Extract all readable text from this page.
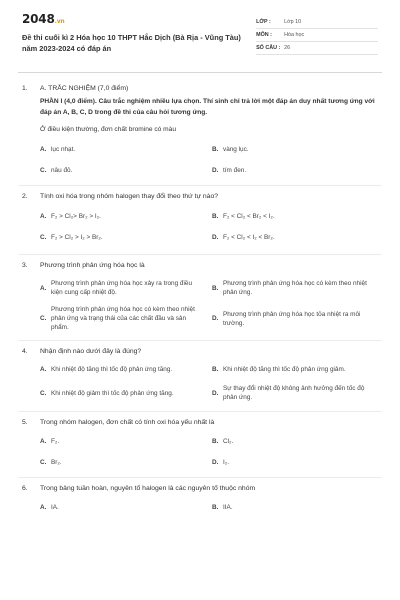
2048.vn
Đề thi cuối kì 2 Hóa học 10 THPT Hắc Dịch (Bà Rịa - Vũng Tàu) năm 2023-2024 có đáp án
LỚP :	Lớp 10
MÔN :	Hóa học
SỐ CÂU : 26
1.	A. TRẮC NGHIỆM (7,0 điểm)
PHẦN I (4,0 điểm). Câu trắc nghiệm nhiều lựa chọn. Thí sinh chỉ trả lời một đáp án duy nhất tương ứng với đáp án A, B, C, D trong đề thi của câu hỏi tương ứng.
Ở điều kiện thường, đơn chất bromine có màu
A. lục nhạt.	B. vàng lục.
C. nâu đỏ.	D. tím đen.
2.	Tính oxi hóa trong nhóm halogen thay đổi theo thứ tự nào?
A. F₂ > Cl₂> Br₂ > I₂.	B. F₂ < Cl₂ < Br₂ < I₂.
C. F₂ > Cl₂ > I₂ > Br₂.	D. F₂ < Cl₂ < I₂ < Br₂.
3.	Phương trình phản ứng hóa học là
A.
Phương trình phản ứng hóa học xảy ra trong điều kiện cung cấp nhiệt độ.
B.
Phương trình phản ứng hóa học có kèm theo nhiệt phản ứng.
C.
Phương trình phản ứng hóa học có kèm theo nhiệt phản ứng và trạng thái của các chất đầu và sản phẩm.
D.
Phương trình phản ứng hóa học tỏa nhiệt ra môi trường.
4.	Nhận định nào dưới đây là đúng?
A. Khi nhiệt độ tăng thì tốc độ phản ứng tăng.	B. Khi nhiệt độ tăng thì tốc độ phản ứng giảm.
C. Khi nhiệt độ giảm thì tốc độ phản ứng tăng.	D.
Sự thay đổi nhiệt độ không ảnh hưởng đến tốc độ phản ứng.
5.	Trong nhóm halogen, đơn chất có tính oxi hóa yếu nhất là
A. F₂.	B. Cl₂.
C. Br₂.	D. I₂.
6.	Trong bảng tuần hoàn, nguyên tố halogen là các nguyên tố thuộc nhóm
A. IA.	B. IIA.
